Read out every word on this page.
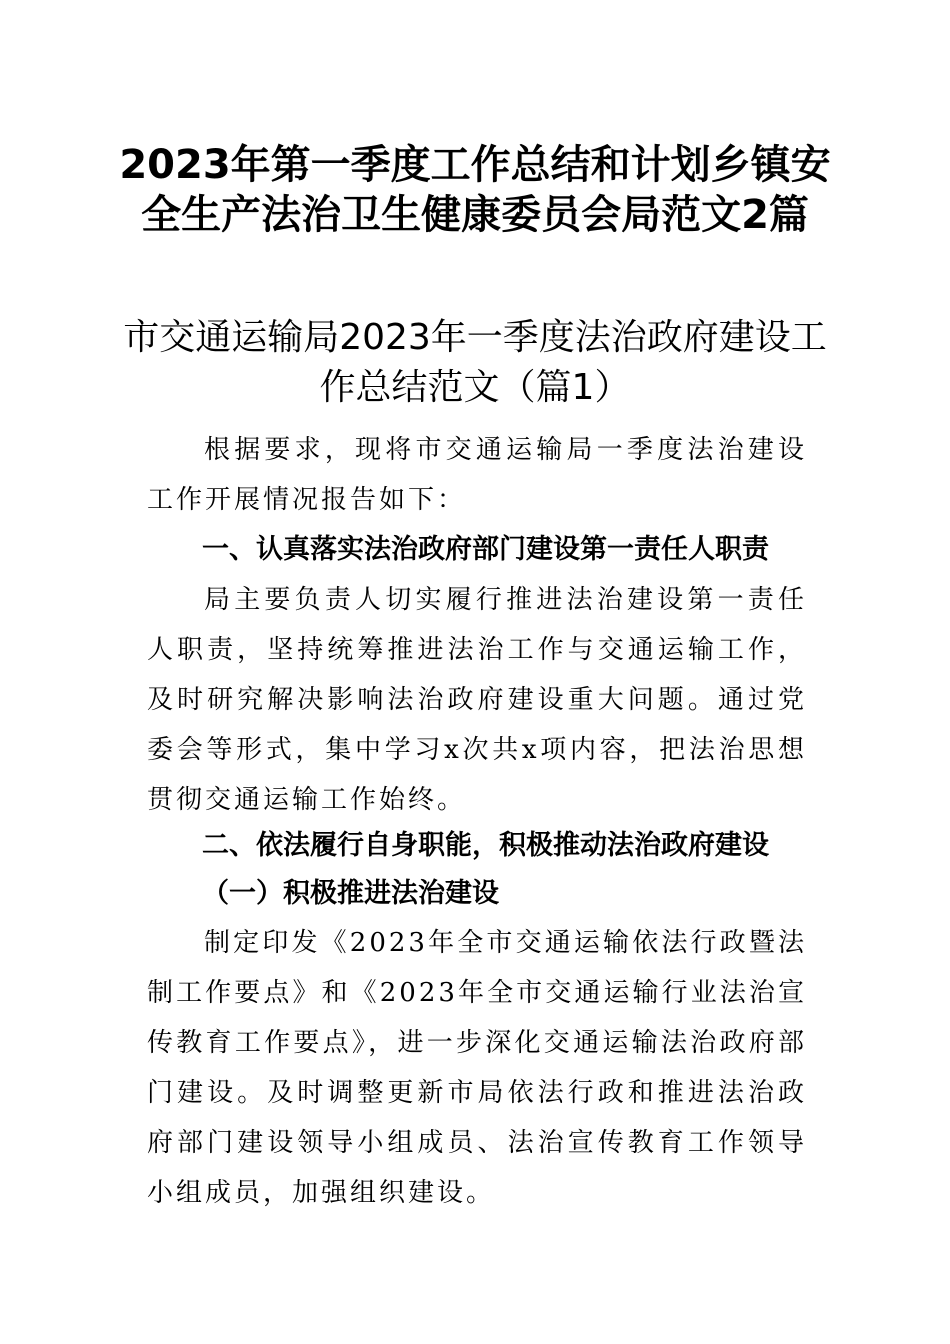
2023年第一季度工作总结和计划乡镇安全生产法治卫生健康委员会局范文2篇
市交通运输局2023年一季度法治政府建设工作总结范文（篇1）

根据要求，现将市交通运输局一季度法治建设工作开展情况报告如下：

一、认真落实法治政府部门建设第一责任人职责

局主要负责人切实履行推进法治建设第一责任人职责，坚持统筹推进法治工作与交通运输工作，及时研究解决影响法治政府建设重大问题。通过党委会等形式，集中学习x次共x项内容，把法治思想贯彻交通运输工作始终。

二、依法履行自身职能，积极推动法治政府建设
（一）积极推进法治建设

制定印发《2023年全市交通运输依法行政暨法制工作要点》和《2023年全市交通运输行业法治宣传教育工作要点》，进一步深化交通运输法治政府部门建设。及时调整更新市局依法行政和推进法治政府部门建设领导小组成员、法治宣传教育工作领导小组成员，加强组织建设。
